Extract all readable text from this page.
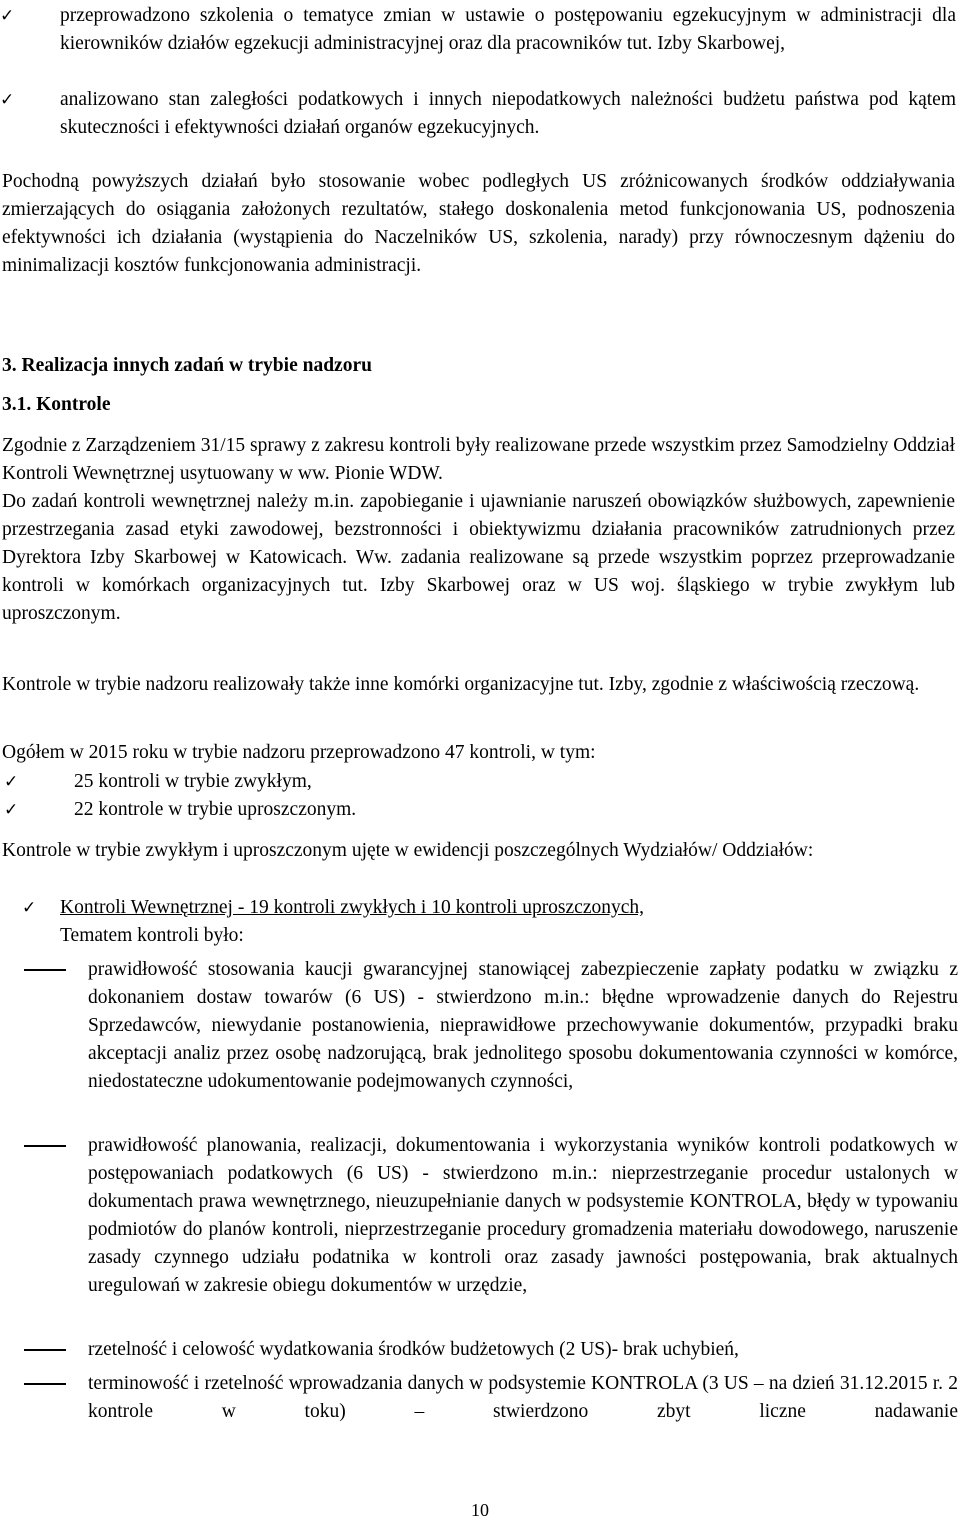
✓	przeprowadzono szkolenia o tematyce zmian w ustawie o postępowaniu egzekucyjnym w administracji dla kierowników działów egzekucji administracyjnej oraz dla pracowników tut. Izby Skarbowej,

✓	analizowano stan zaległości podatkowych i innych niepodatkowych należności budżetu państwa pod kątem skuteczności i efektywności działań organów egzekucyjnych.

Pochodną powyższych działań było stosowanie wobec podległych US zróżnicowanych środków oddziaływania zmierzających do osiągania założonych rezultatów, stałego doskonalenia metod funkcjonowania US, podnoszenia efektywności ich działania (wystąpienia do Naczelników US, szkolenia, narady) przy równoczesnym dążeniu do minimalizacji kosztów funkcjonowania administracji.

3. Realizacja innych zadań w trybie nadzoru
3.1. Kontrole

Zgodnie z Zarządzeniem 31/15 sprawy z zakresu kontroli były realizowane przede wszystkim przez Samodzielny Oddział Kontroli Wewnętrznej usytuowany w ww. Pionie WDW.

Do zadań kontroli wewnętrznej należy m.in. zapobieganie i ujawnianie naruszeń obowiązków służbowych, zapewnienie przestrzegania zasad etyki zawodowej, bezstronności i obiektywizmu działania pracowników zatrudnionych przez Dyrektora Izby Skarbowej w Katowicach. Ww. zadania realizowane są przede wszystkim poprzez przeprowadzanie kontroli w komórkach organizacyjnych tut. Izby Skarbowej oraz w US woj. śląskiego w trybie zwykłym lub uproszczonym.

Kontrole w trybie nadzoru realizowały także inne komórki organizacyjne tut. Izby, zgodnie z właściwością rzeczową.

Ogółem w 2015 roku w trybie nadzoru przeprowadzono 47 kontroli, w tym:

✓	25 kontroli w trybie zwykłym,
✓	22 kontrole w trybie uproszczonym.

Kontrole w trybie zwykłym i uproszczonym ujęte w ewidencji poszczególnych Wydziałów/ Oddziałów:

✓ Kontroli Wewnętrznej - 19 kontroli zwykłych i 10 kontroli uproszczonych,
Tematem kontroli było:

prawidłowość stosowania kaucji gwarancyjnej stanowiącej zabezpieczenie zapłaty podatku w związku z dokonaniem dostaw towarów (6 US) - stwierdzono m.in.: błędne wprowadzenie danych do Rejestru Sprzedawców, niewydanie postanowienia, nieprawidłowe przechowywanie dokumentów, przypadki braku akceptacji analiz przez osobę nadzorującą, brak jednolitego sposobu dokumentowania czynności w komórce, niedostateczne udokumentowanie podejmowanych czynności,

prawidłowość planowania, realizacji, dokumentowania i wykorzystania wyników kontroli podatkowych w postępowaniach podatkowych (6 US) - stwierdzono m.in.: nieprzestrzeganie procedur ustalonych w dokumentach prawa wewnętrznego, nieuzupełnianie danych w podsystemie KONTROLA, błędy w typowaniu podmiotów do planów kontroli, nieprzestrzeganie procedury gromadzenia materiału dowodowego, naruszenie zasady czynnego udziału podatnika w kontroli oraz zasady jawności postępowania, brak aktualnych uregulowań w zakresie obiegu dokumentów w urzędzie,

rzetelność i celowość wydatkowania środków budżetowych (2 US)- brak uchybień,

terminowość i rzetelność wprowadzania danych w podsystemie KONTROLA (3 US – na dzień 31.12.2015 r. 2 kontrole w toku) – stwierdzono zbyt liczne nadawanie

10
